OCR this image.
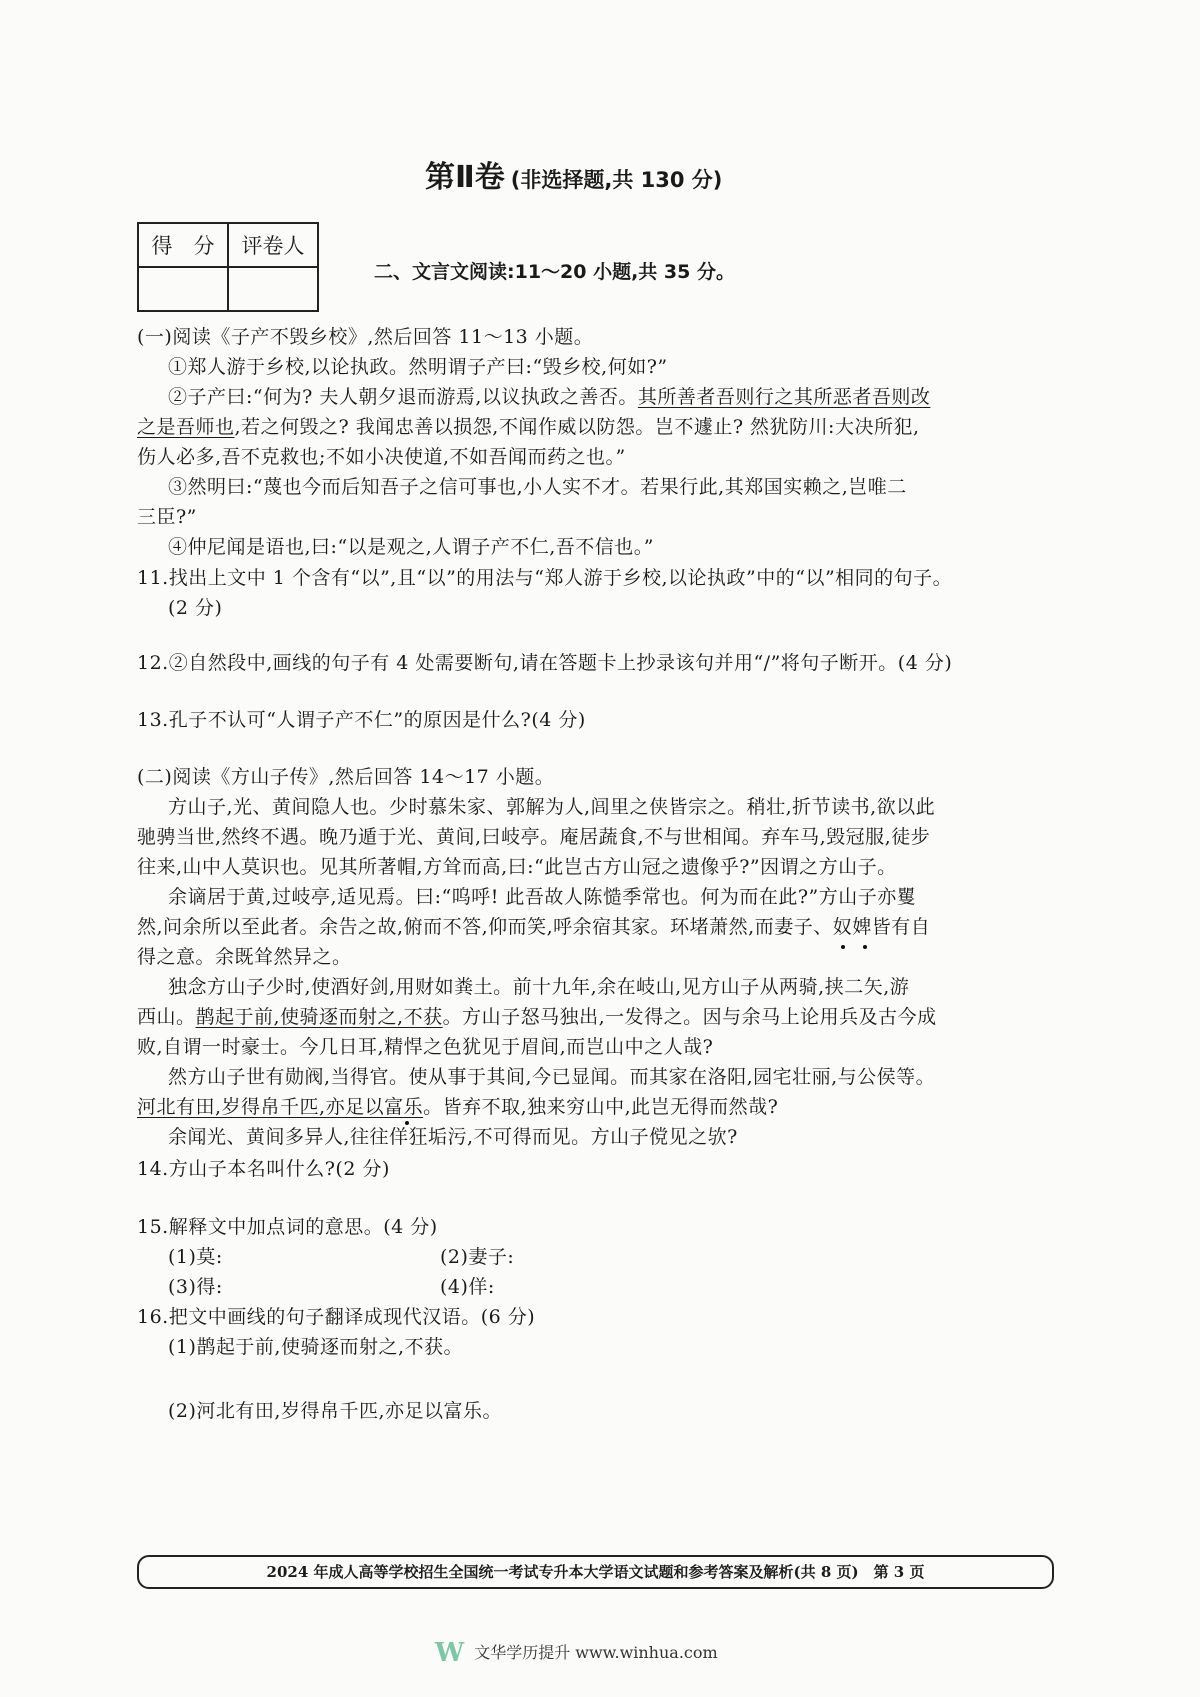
第Ⅱ卷 (非选择题,共 130 分)
得　分	评卷人

二、文言文阅读:11～20 小题,共 35 分。
(一)阅读《子产不毁乡校》,然后回答 11～13 小题。
①郑人游于乡校,以论执政。然明谓子产曰:“毁乡校,何如?”
②子产曰:“何为? 夫人朝夕退而游焉,以议执政之善否。其所善者吾则行之其所恶者吾则改
之是吾师也,若之何毁之? 我闻忠善以损怨,不闻作威以防怨。岂不遽止? 然犹防川:大决所犯,
伤人必多,吾不克救也;不如小决使道,不如吾闻而药之也。”
③然明曰:“蔑也今而后知吾子之信可事也,小人实不才。若果行此,其郑国实赖之,岂唯二
三臣?”
④仲尼闻是语也,曰:“以是观之,人谓子产不仁,吾不信也。”
11.找出上文中 1 个含有“以”,且“以”的用法与“郑人游于乡校,以论执政”中的“以”相同的句子。
(2 分)
12.②自然段中,画线的句子有 4 处需要断句,请在答题卡上抄录该句并用“/”将句子断开。(4 分)
13.孔子不认可“人谓子产不仁”的原因是什么?(4 分)
(二)阅读《方山子传》,然后回答 14～17 小题。
方山子,光、黄间隐人也。少时慕朱家、郭解为人,闾里之侠皆宗之。稍壮,折节读书,欲以此
驰骋当世,然终不遇。晚乃遁于光、黄间,曰岐亭。庵居蔬食,不与世相闻。弃车马,毁冠服,徒步
往来,山中人莫识也。见其所著帽,方耸而高,曰:“此岂古方山冠之遗像乎?”因谓之方山子。
余谪居于黄,过岐亭,适见焉。曰:“呜呼! 此吾故人陈慥季常也。何为而在此?”方山子亦矍
然,问余所以至此者。余告之故,俯而不答,仰而笑,呼余宿其家。环堵萧然,而妻子、奴婢皆有自
得之意。余既耸然异之。
独念方山子少时,使酒好剑,用财如粪土。前十九年,余在岐山,见方山子从两骑,挟二矢,游
西山。鹊起于前,使骑逐而射之,不获。方山子怒马独出,一发得之。因与余马上论用兵及古今成
败,自谓一时豪士。今几日耳,精悍之色犹见于眉间,而岂山中之人哉?
然方山子世有勋阀,当得官。使从事于其间,今已显闻。而其家在洛阳,园宅壮丽,与公侯等。
河北有田,岁得帛千匹,亦足以富乐。皆弃不取,独来穷山中,此岂无得而然哉?
余闻光、黄间多异人,往往佯狂垢污,不可得而见。方山子傥见之欤?
14.方山子本名叫什么?(2 分)
15.解释文中加点词的意思。(4 分)
(1)莫:	(2)妻子:
(3)得:	(4)佯:
16.把文中画线的句子翻译成现代汉语。(6 分)
(1)鹊起于前,使骑逐而射之,不获。
(2)河北有田,岁得帛千匹,亦足以富乐。
2024 年成人高等学校招生全国统一考试专升本大学语文试题和参考答案及解析(共 8 页)　第 3 页
W文华学历提升 www.winhua.com
